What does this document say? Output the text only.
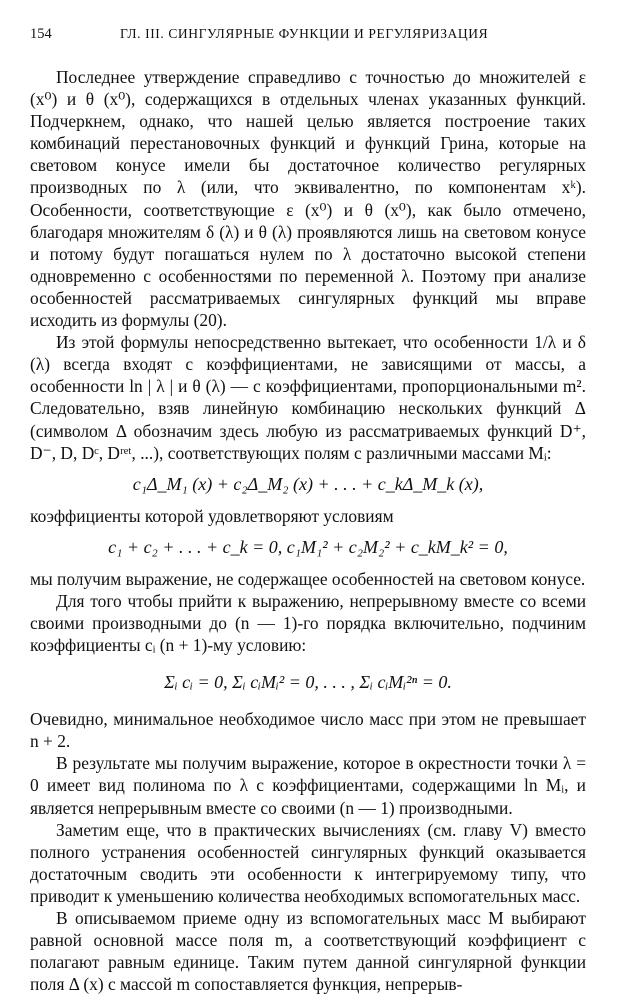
154	ГЛ. III. СИНГУЛЯРНЫЕ ФУНКЦИИ И РЕГУЛЯРИЗАЦИЯ

Последнее утверждение справедливо с точностью до множителей ε (x⁰) и θ (x⁰), содержащихся в отдельных членах указанных функций. Подчеркнем, однако, что нашей целью является построение таких комбинаций перестановочных функций и функций Грина, которые на световом конусе имели бы достаточное количество регулярных производных по λ (или, что эквивалентно, по компонентам xᵏ). Особенности, соответствующие ε (x⁰) и θ (x⁰), как было отмечено, благодаря множителям δ (λ) и θ (λ) проявляются лишь на световом конусе и потому будут погашаться нулем по λ достаточно высокой степени одновременно с особенностями по переменной λ. Поэтому при анализе особенностей рассматриваемых сингулярных функций мы вправе исходить из формулы (20).

Из этой формулы непосредственно вытекает, что особенности 1/λ и δ (λ) всегда входят с коэффициентами, не зависящими от массы, а особенности ln | λ | и θ (λ) — с коэффициентами, пропорциональными m². Следовательно, взяв линейную комбинацию нескольких функций Δ (символом Δ обозначим здесь любую из рассматриваемых функций D⁺, D⁻, D, Dᶜ, Dʳᵉᵗ, ...), соответствующих полям с различными массами Mᵢ:

c₁Δ_M₁ (x) + c₂Δ_M₂ (x) + . . . + c_kΔ_M_k (x),

коэффициенты которой удовлетворяют условиям

c₁ + c₂ + . . . + c_k = 0, c₁M₁² + c₂M₂² + c_kM_k² = 0,

мы получим выражение, не содержащее особенностей на световом конусе.

Для того чтобы прийти к выражению, непрерывному вместе со всеми своими производными до (n — 1)-го порядка включительно, подчиним коэффициенты cᵢ (n + 1)-му условию:

Σᵢ cᵢ = 0, Σᵢ cᵢMᵢ² = 0, . . . , Σᵢ cᵢMᵢ²ⁿ = 0.

Очевидно, минимальное необходимое число масс при этом не превышает n + 2.

В результате мы получим выражение, которое в окрестности точки λ = 0 имеет вид полинома по λ с коэффициентами, содержащими ln Mᵢ, и является непрерывным вместе со своими (n — 1) производными.

Заметим еще, что в практических вычислениях (см. главу V) вместо полного устранения особенностей сингулярных функций оказывается достаточным сводить эти особенности к интегрируемому типу, что приводит к уменьшению количества необходимых вспомогательных масс.

В описываемом приеме одну из вспомогательных масс M выбирают равной основной массе поля m, а соответствующий коэффициент c полагают равным единице. Таким путем данной сингулярной функции поля Δ (x) с массой m сопоставляется функция, непрерыв-
